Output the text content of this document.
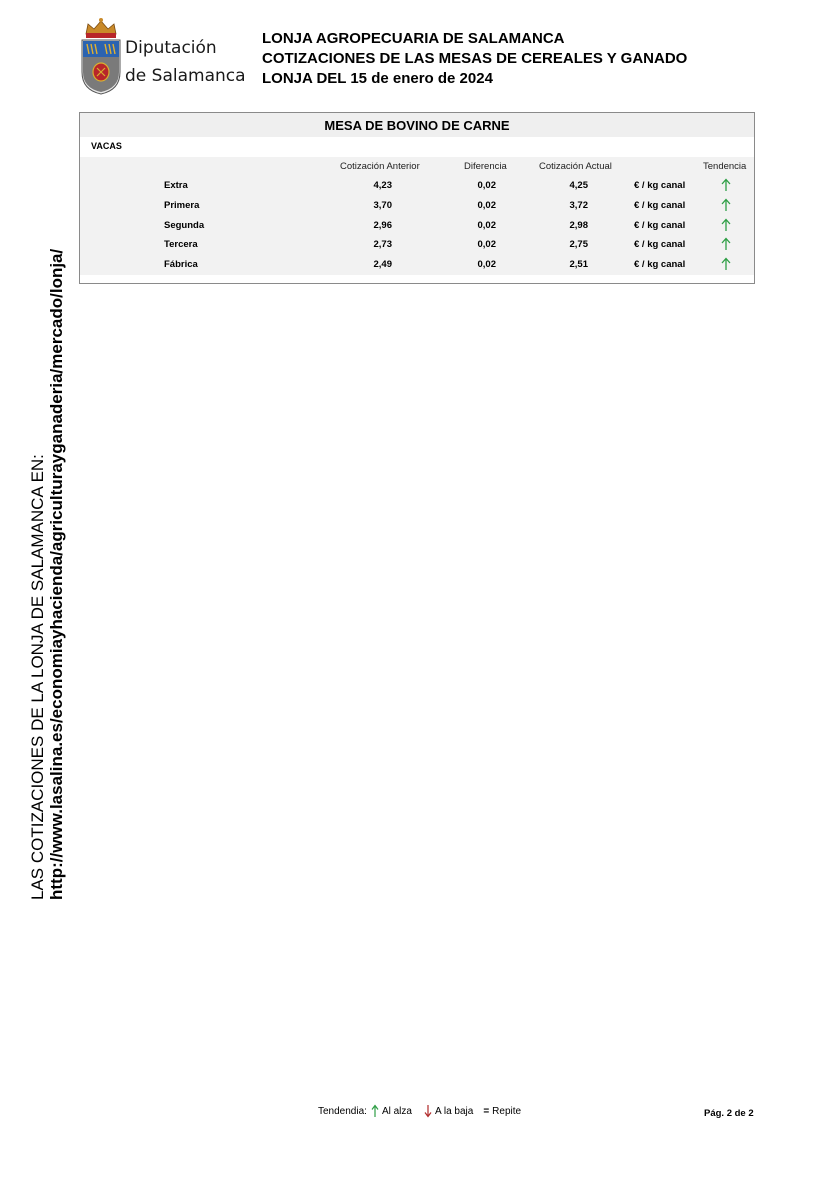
Diputación
de Salamanca
LONJA AGROPECUARIA DE SALAMANCA
COTIZACIONES DE LAS MESAS DE CEREALES Y GANADO
LONJA DEL 15 de enero de 2024
MESA DE BOVINO DE CARNE
VACAS
Cotización Anterior	Diferencia	Cotización Actual	Tendencia
Extra	4,23	0,02	4,25	€ / kg canal
Primera	3,70	0,02	3,72	€ / kg canal
Segunda	2,96	0,02	2,98	€ / kg canal
Tercera	2,73	0,02	2,75	€ / kg canal
Fábrica	2,49	0,02	2,51	€ / kg canal
LAS COTIZACIONES DE LA LONJA DE SALAMANCA EN: http://www.lasalina.es/economiayhacienda/agriculturayganaderia/mercado/lonja/
Tendendia: Al alza A la baja = Repite	Pág. 2 de 2
